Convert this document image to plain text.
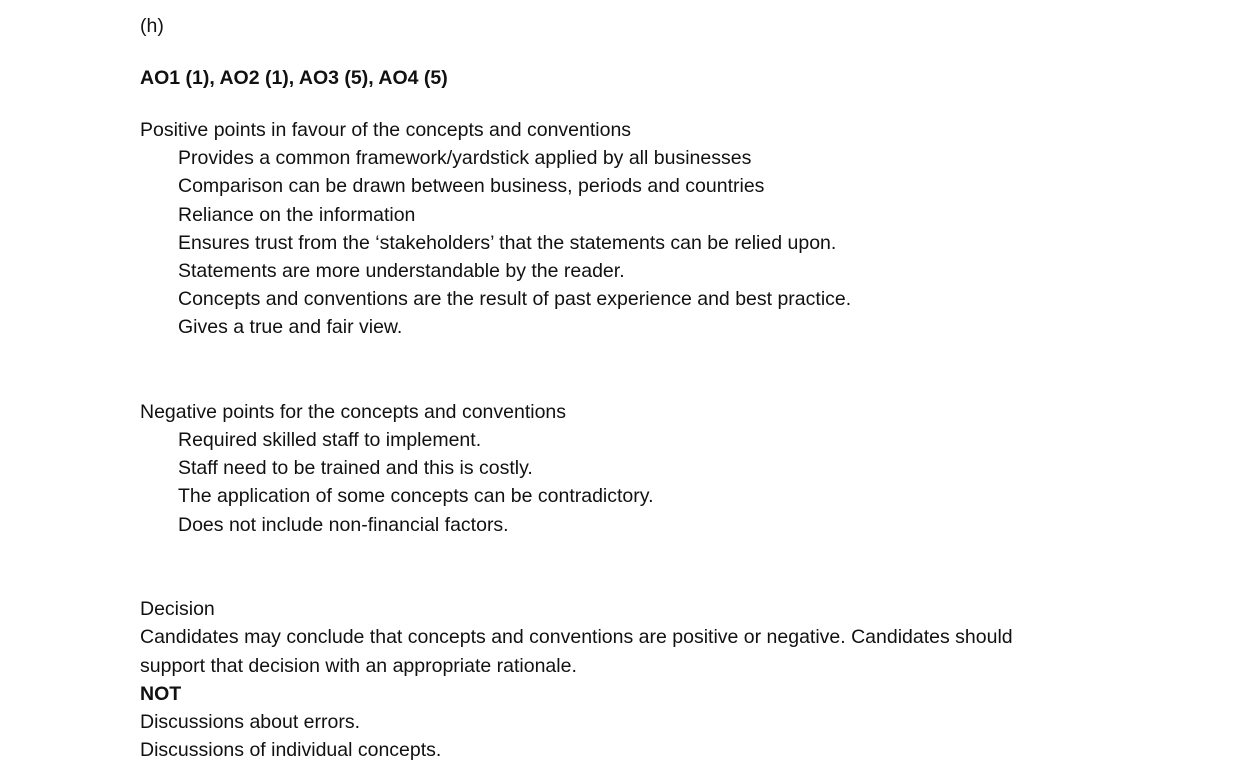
(h)
AO1 (1), AO2 (1), AO3 (5), AO4 (5)
Positive points in favour of the concepts and conventions
Provides a common framework/yardstick applied by all businesses
Comparison can be drawn between business, periods and countries
Reliance on the information
Ensures trust from the ‘stakeholders’ that the statements can be relied upon.
Statements are more understandable by the reader.
Concepts and conventions are the result of past experience and best practice.
Gives a true and fair view.
Negative points for the concepts and conventions
Required skilled staff to implement.
Staff need to be trained and this is costly.
The application of some concepts can be contradictory.
Does not include non-financial factors.
Decision
Candidates may conclude that concepts and conventions are positive or negative. Candidates should
support that decision with an appropriate rationale.
NOT
Discussions about errors.
Discussions of individual concepts.
